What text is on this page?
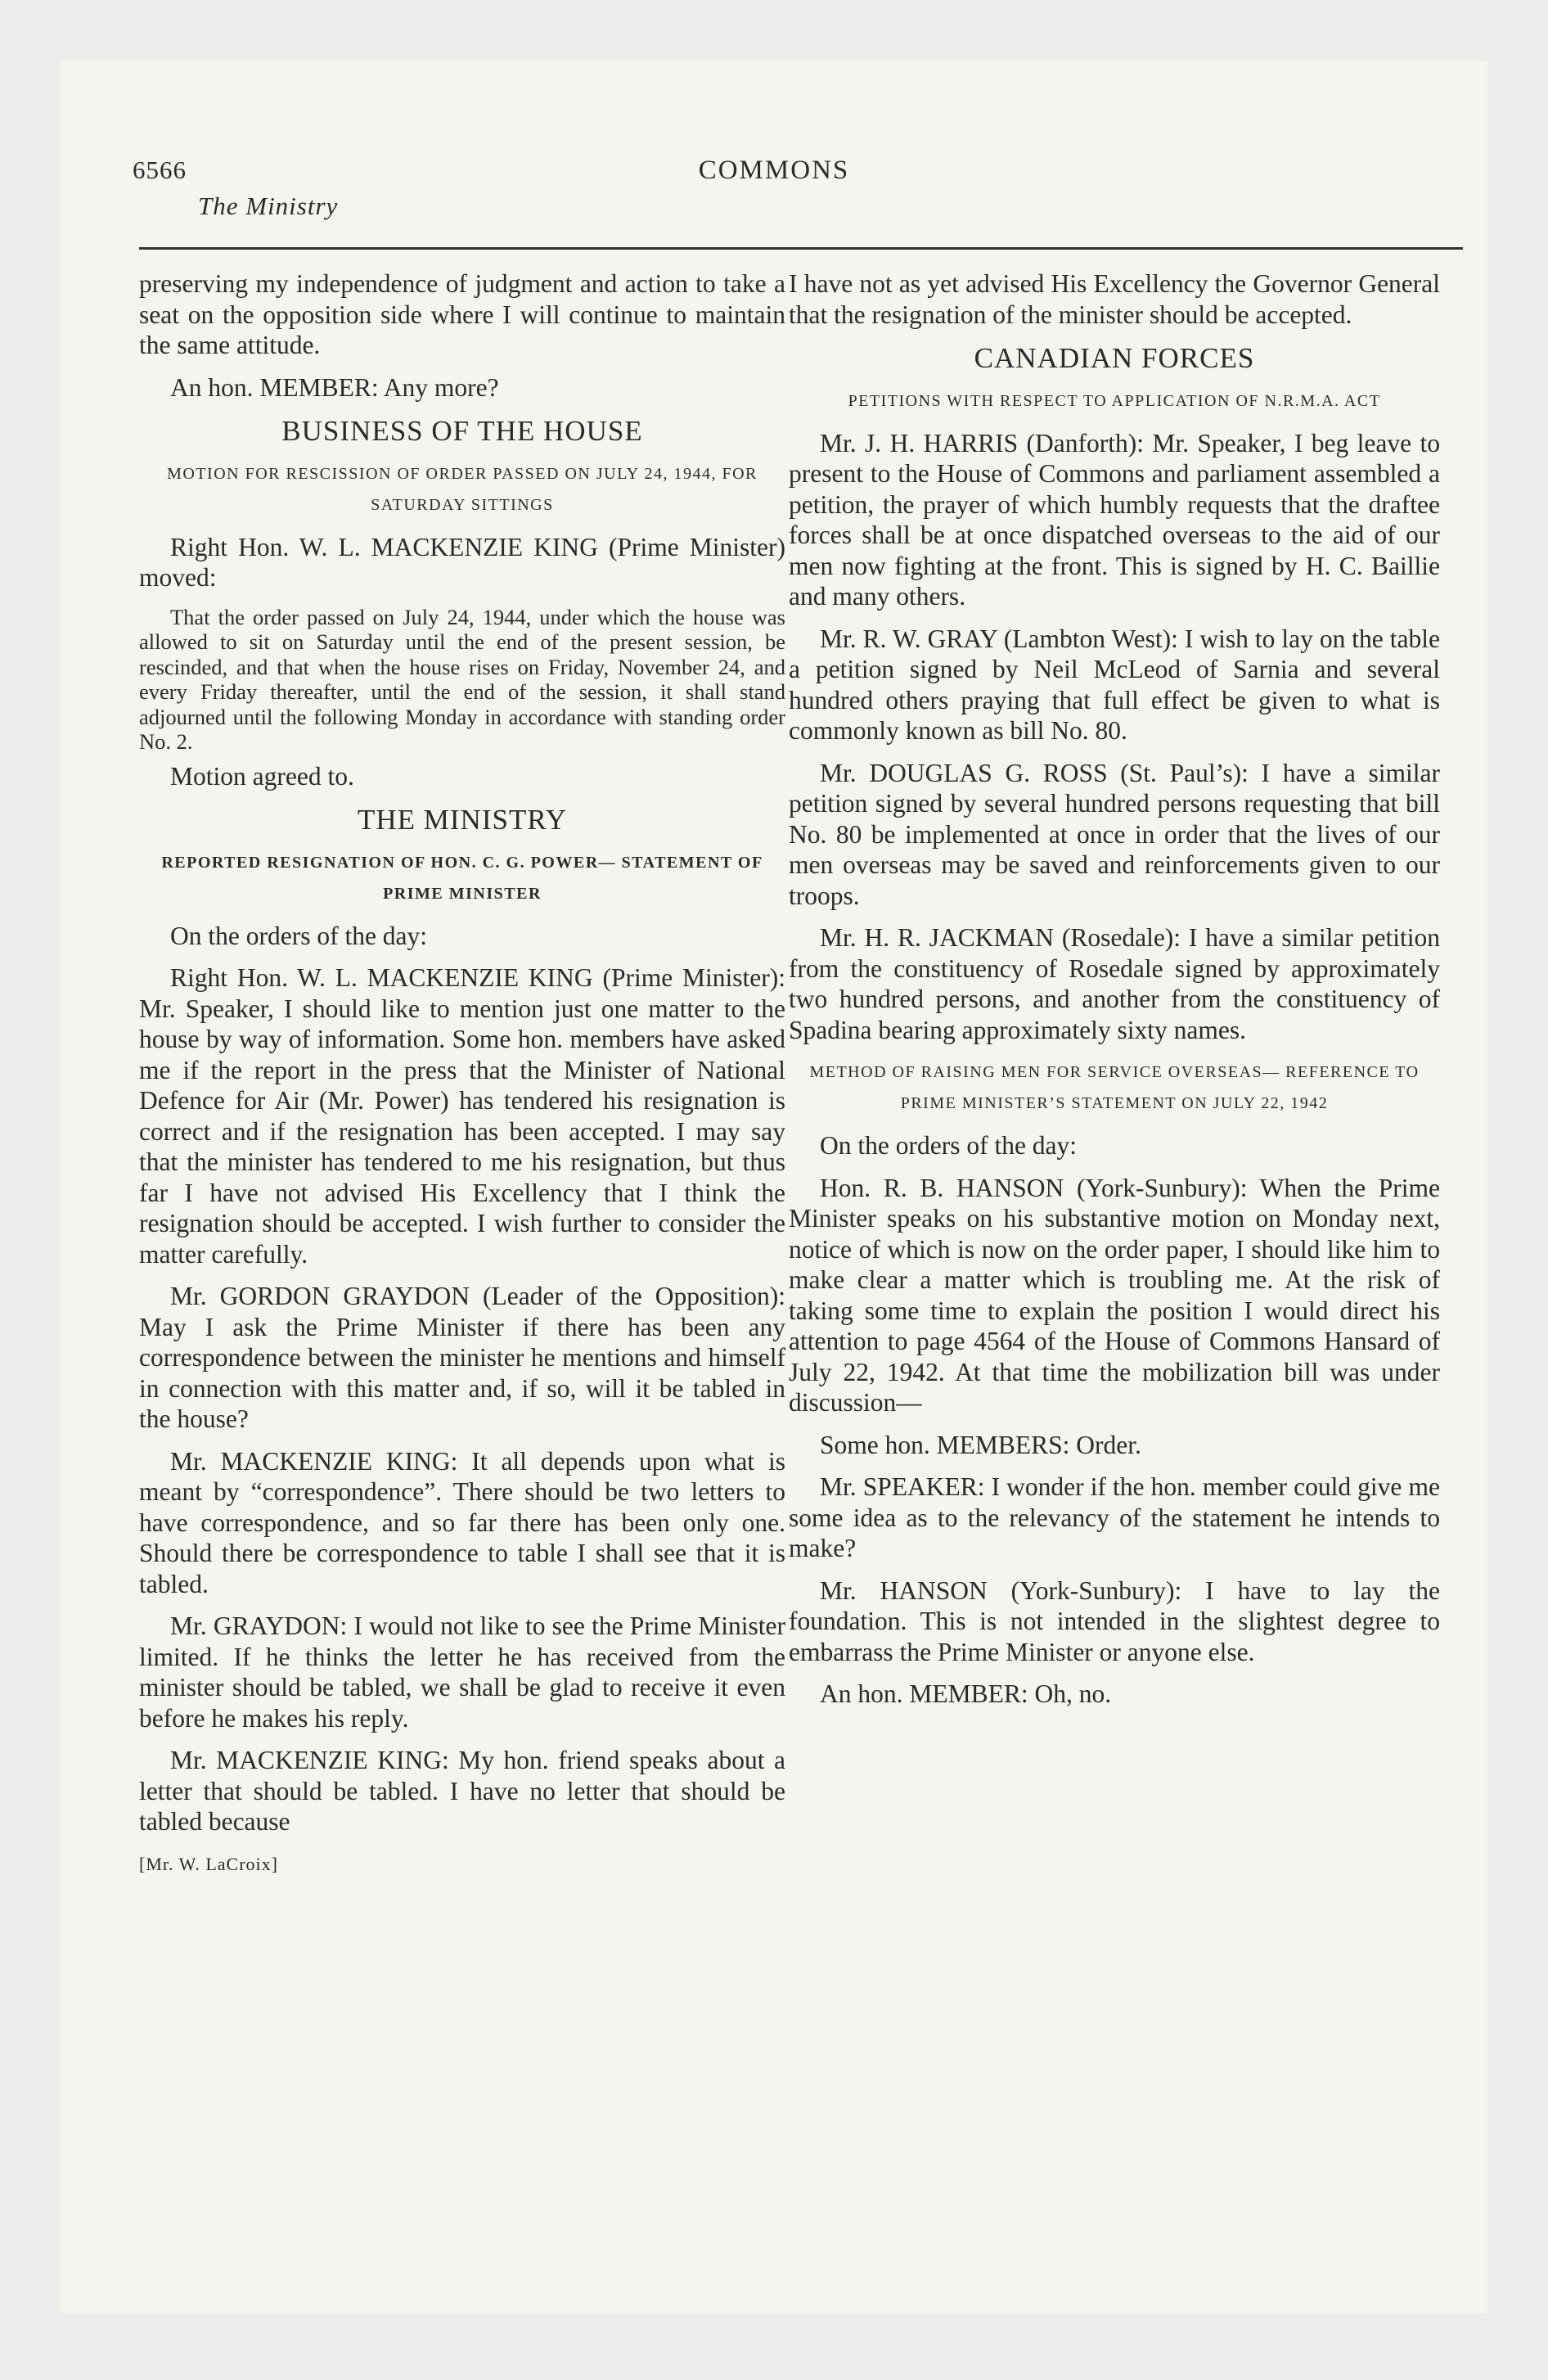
6566
The Ministry
COMMONS

preserving my independence of judgment and action to take a seat on the opposition side where I will continue to maintain the same attitude.

An hon. MEMBER: Any more?

BUSINESS OF THE HOUSE
MOTION FOR RESCISSION OF ORDER PASSED ON JULY 24, 1944, FOR SATURDAY SITTINGS

Right Hon. W. L. MACKENZIE KING (Prime Minister) moved:

That the order passed on July 24, 1944, under which the house was allowed to sit on Saturday until the end of the present session, be rescinded, and that when the house rises on Friday, November 24, and every Friday thereafter, until the end of the session, it shall stand adjourned until the following Monday in accordance with standing order No. 2.

Motion agreed to.

THE MINISTRY
REPORTED RESIGNATION OF HON. C. G. POWER— STATEMENT OF PRIME MINISTER

On the orders of the day:

Right Hon. W. L. MACKENZIE KING (Prime Minister): Mr. Speaker, I should like to mention just one matter to the house by way of information. Some hon. members have asked me if the report in the press that the Minister of National Defence for Air (Mr. Power) has tendered his resignation is correct and if the resignation has been accepted. I may say that the minister has tendered to me his resignation, but thus far I have not advised His Excellency that I think the resignation should be accepted. I wish further to consider the matter carefully.

Mr. GORDON GRAYDON (Leader of the Opposition): May I ask the Prime Minister if there has been any correspondence between the minister he mentions and himself in connection with this matter and, if so, will it be tabled in the house?

Mr. MACKENZIE KING: It all depends upon what is meant by “correspondence”. There should be two letters to have correspondence, and so far there has been only one. Should there be correspondence to table I shall see that it is tabled.

Mr. GRAYDON: I would not like to see the Prime Minister limited. If he thinks the letter he has received from the minister should be tabled, we shall be glad to receive it even before he makes his reply.

Mr. MACKENZIE KING: My hon. friend speaks about a letter that should be tabled. I have no letter that should be tabled because

[Mr. W. LaCroix]

I have not as yet advised His Excellency the Governor General that the resignation of the minister should be accepted.

CANADIAN FORCES
PETITIONS WITH RESPECT TO APPLICATION OF N.R.M.A. ACT

Mr. J. H. HARRIS (Danforth): Mr. Speaker, I beg leave to present to the House of Commons and parliament assembled a petition, the prayer of which humbly requests that the draftee forces shall be at once dispatched overseas to the aid of our men now fighting at the front. This is signed by H. C. Baillie and many others.

Mr. R. W. GRAY (Lambton West): I wish to lay on the table a petition signed by Neil McLeod of Sarnia and several hundred others praying that full effect be given to what is commonly known as bill No. 80.

Mr. DOUGLAS G. ROSS (St. Paul’s): I have a similar petition signed by several hundred persons requesting that bill No. 80 be implemented at once in order that the lives of our men overseas may be saved and reinforcements given to our troops.

Mr. H. R. JACKMAN (Rosedale): I have a similar petition from the constituency of Rosedale signed by approximately two hundred persons, and another from the constituency of Spadina bearing approximately sixty names.

METHOD OF RAISING MEN FOR SERVICE OVERSEAS— REFERENCE TO PRIME MINISTER’S STATEMENT ON JULY 22, 1942

On the orders of the day:

Hon. R. B. HANSON (York-Sunbury): When the Prime Minister speaks on his substantive motion on Monday next, notice of which is now on the order paper, I should like him to make clear a matter which is troubling me. At the risk of taking some time to explain the position I would direct his attention to page 4564 of the House of Commons Hansard of July 22, 1942. At that time the mobilization bill was under discussion—

Some hon. MEMBERS: Order.

Mr. SPEAKER: I wonder if the hon. member could give me some idea as to the relevancy of the statement he intends to make?

Mr. HANSON (York-Sunbury): I have to lay the foundation. This is not intended in the slightest degree to embarrass the Prime Minister or anyone else.

An hon. MEMBER: Oh, no.
